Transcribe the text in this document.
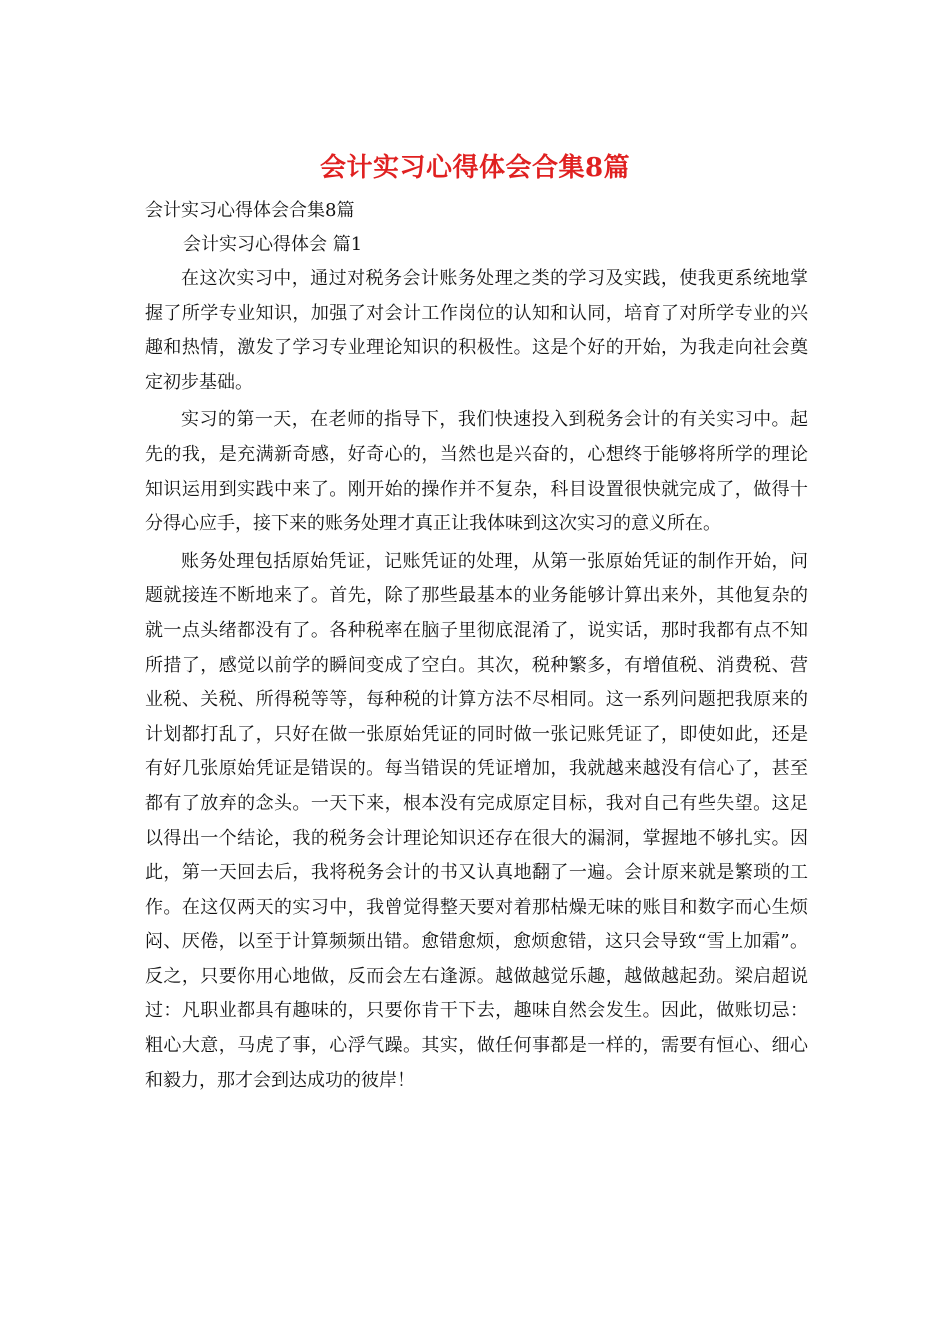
会计实习心得体会合集8篇
会计实习心得体会合集8篇
会计实习心得体会 篇1

在这次实习中，通过对税务会计账务处理之类的学习及实践，使我更系统地掌握了所学专业知识，加强了对会计工作岗位的认知和认同，培育了对所学专业的兴趣和热情，激发了学习专业理论知识的积极性。这是个好的开始，为我走向社会奠定初步基础。

实习的第一天，在老师的指导下，我们快速投入到税务会计的有关实习中。起先的我，是充满新奇感，好奇心的，当然也是兴奋的，心想终于能够将所学的理论知识运用到实践中来了。刚开始的操作并不复杂，科目设置很快就完成了，做得十分得心应手，接下来的账务处理才真正让我体味到这次实习的意义所在。

账务处理包括原始凭证，记账凭证的处理，从第一张原始凭证的制作开始，问题就接连不断地来了。首先，除了那些最基本的业务能够计算出来外，其他复杂的就一点头绪都没有了。各种税率在脑子里彻底混淆了，说实话，那时我都有点不知所措了，感觉以前学的瞬间变成了空白。其次，税种繁多，有增值税、消费税、营业税、关税、所得税等等，每种税的计算方法不尽相同。这一系列问题把我原来的计划都打乱了，只好在做一张原始凭证的同时做一张记账凭证了，即使如此，还是有好几张原始凭证是错误的。每当错误的凭证增加，我就越来越没有信心了，甚至都有了放弃的念头。一天下来，根本没有完成原定目标，我对自己有些失望。这足以得出一个结论，我的税务会计理论知识还存在很大的漏洞，掌握地不够扎实。因此，第一天回去后，我将税务会计的书又认真地翻了一遍。会计原来就是繁琐的工作。在这仅两天的实习中，我曾觉得整天要对着那枯燥无味的账目和数字而心生烦闷、厌倦，以至于计算频频出错。愈错愈烦，愈烦愈错，这只会导致“雪上加霜”。反之，只要你用心地做，反而会左右逢源。越做越觉乐趣，越做越起劲。梁启超说过：凡职业都具有趣味的，只要你肯干下去，趣味自然会发生。因此，做账切忌：粗心大意，马虎了事，心浮气躁。其实，做任何事都是一样的，需要有恒心、细心和毅力，那才会到达成功的彼岸！
